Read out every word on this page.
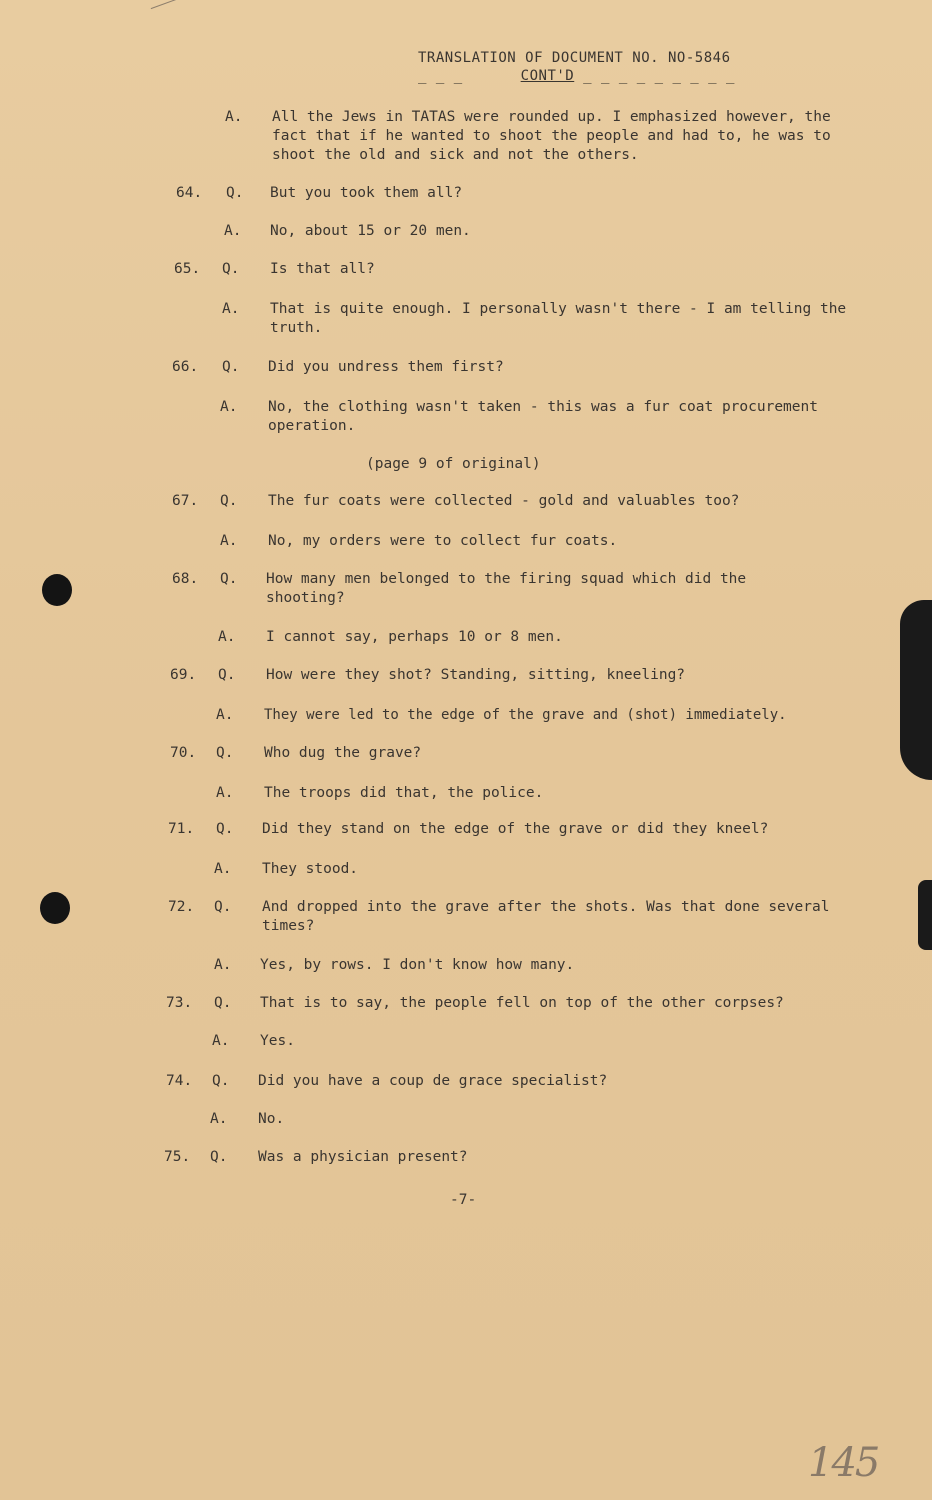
TRANSLATION OF DOCUMENT NO. NO-5846
_ _ _	CONT'D _ _ _ _ _ _ _ _ _
A.	All the Jews in TATAS were rounded up. I emphasized however, the fact that if he wanted to shoot the people and had to, he was to shoot the old and sick and not the others.
64.	Q.	But you took them all?
A.	No, about 15 or 20 men.
65.	Q.	Is that all?
A.	That is quite enough. I personally wasn't there - I am telling the truth.
66.	Q.	Did you undress them first?
A.	No, the clothing wasn't taken - this was a fur coat procurement operation.
(page 9 of original)
67.	Q.	The fur coats were collected - gold and valuables too?
A.	No, my orders were to collect fur coats.
68.	Q.	How many men belonged to the firing squad which did the shooting?
A.	I cannot say, perhaps 10 or 8 men.
69.	Q.	How were they shot? Standing, sitting, kneeling?
A.	They were led to the edge of the grave and (shot) immediately.
70.	Q.	Who dug the grave?
A.	The troops did that, the police.
71.	Q.	Did they stand on the edge of the grave or did they kneel?
A.	They stood.
72.	Q.	And dropped into the grave after the shots. Was that done several times?
A.	Yes, by rows. I don't know how many.
73.	Q.	That is to say, the people fell on top of the other corpses?
A.	Yes.
74.	Q.	Did you have a coup de grace specialist?
A.	No.
75.	Q.	Was a physician present?
-7-
145
